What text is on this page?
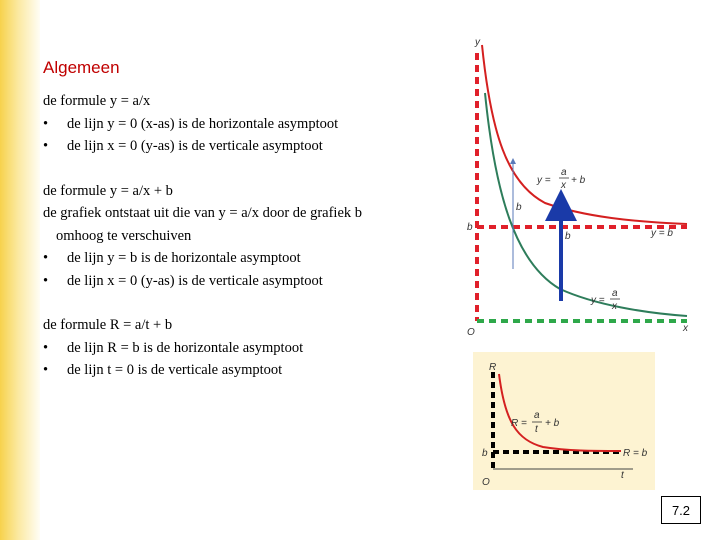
Algemeen
de formule y = a/x
•	de lijn y = 0 (x-as) is de horizontale asymptoot
•	de lijn x = 0 (y-as) is de verticale asymptoot
de formule y = a/x + b
de grafiek ontstaat uit die van y = a/x door de grafiek b
omhoog te verschuiven
•	de lijn y = b is de horizontale asymptoot
•	de lijn x = 0 (y-as) is de verticale asymptoot
de formule R = a/t + b
•	de lijn R = b is de horizontale asymptoot
•	de lijn t = 0 is de verticale asymptoot
y
x
O
b
b
b
y =
a
x + b
y =
a
x
y = b
R
t
O
b
R =
a
t
+ b
R = b
7.2
